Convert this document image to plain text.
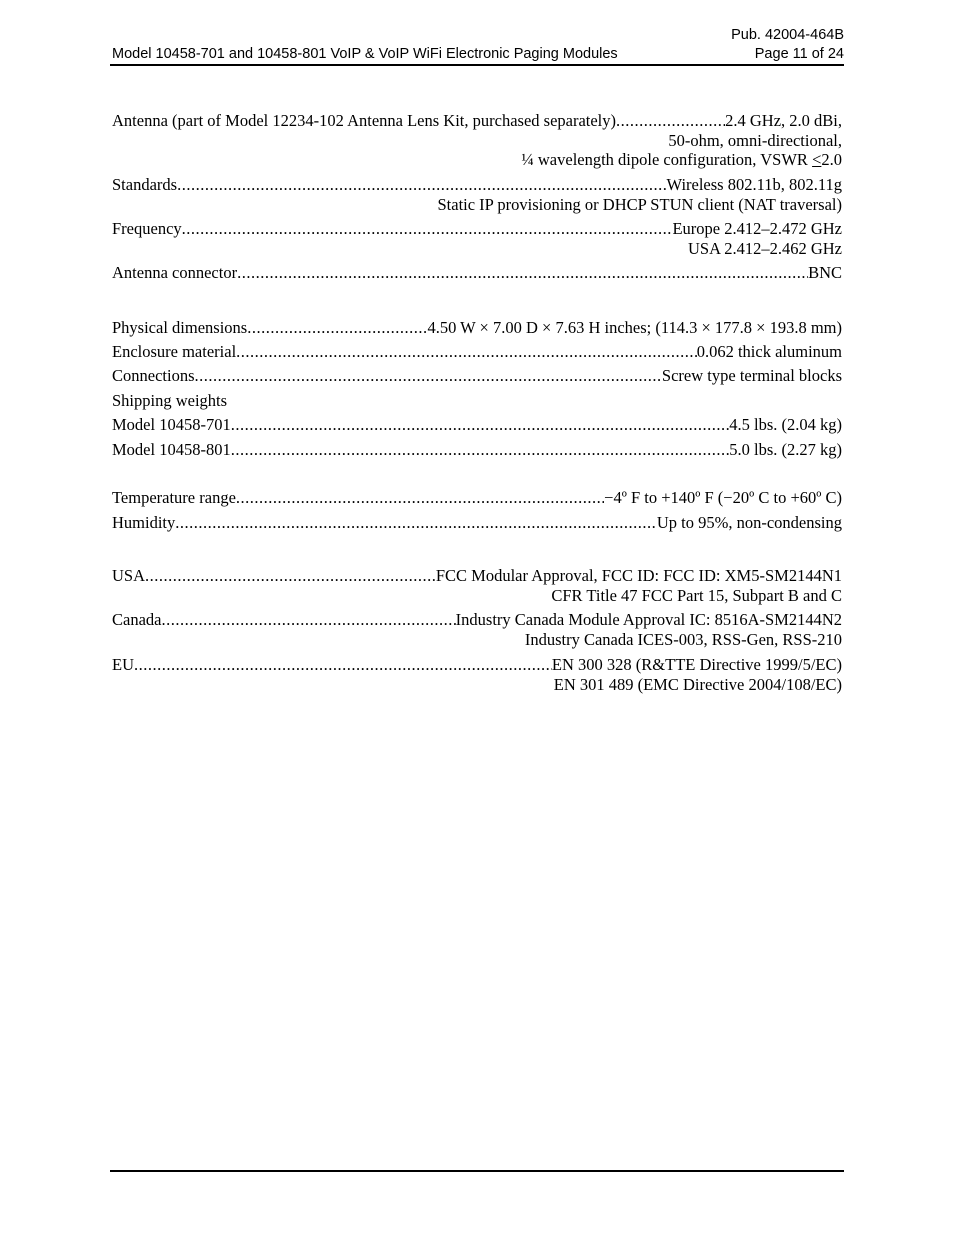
Pub. 42004-464B
Model 10458-701 and 10458-801 VoIP & VoIP WiFi Electronic Paging Modules	Page 11 of 24
Antenna (part of Model 12234-102 Antenna Lens Kit, purchased separately) .....	2.4 GHz, 2.0 dBi,
50-ohm, omni-directional,
¼ wavelength dipole configuration, VSWR ≤2.0
Standards .....	Wireless 802.11b, 802.11g
Static IP provisioning or DHCP STUN client (NAT traversal)
Frequency .....	Europe 2.412–2.472 GHz
USA 2.412–2.462 GHz
Antenna connector .....	BNC
Physical dimensions .....	4.50 W × 7.00 D × 7.63 H inches; (114.3 × 177.8 × 193.8 mm)
Enclosure material .....	0.062 thick aluminum
Connections .....	Screw type terminal blocks
Shipping weights
Model 10458-701 .....	4.5 lbs. (2.04 kg)
Model 10458-801 .....	5.0 lbs. (2.27 kg)
Temperature range .....	−4º F to +140º F (−20º C to +60º C)
Humidity .....	Up to 95%, non-condensing
USA .....	FCC Modular Approval, FCC ID: FCC ID: XM5-SM2144N1
CFR Title 47 FCC Part 15, Subpart B and C
Canada .....	Industry Canada Module Approval IC: 8516A-SM2144N2
Industry Canada ICES-003, RSS-Gen, RSS-210
EU .....	EN 300 328 (R&TTE Directive 1999/5/EC)
EN 301 489 (EMC Directive 2004/108/EC)
